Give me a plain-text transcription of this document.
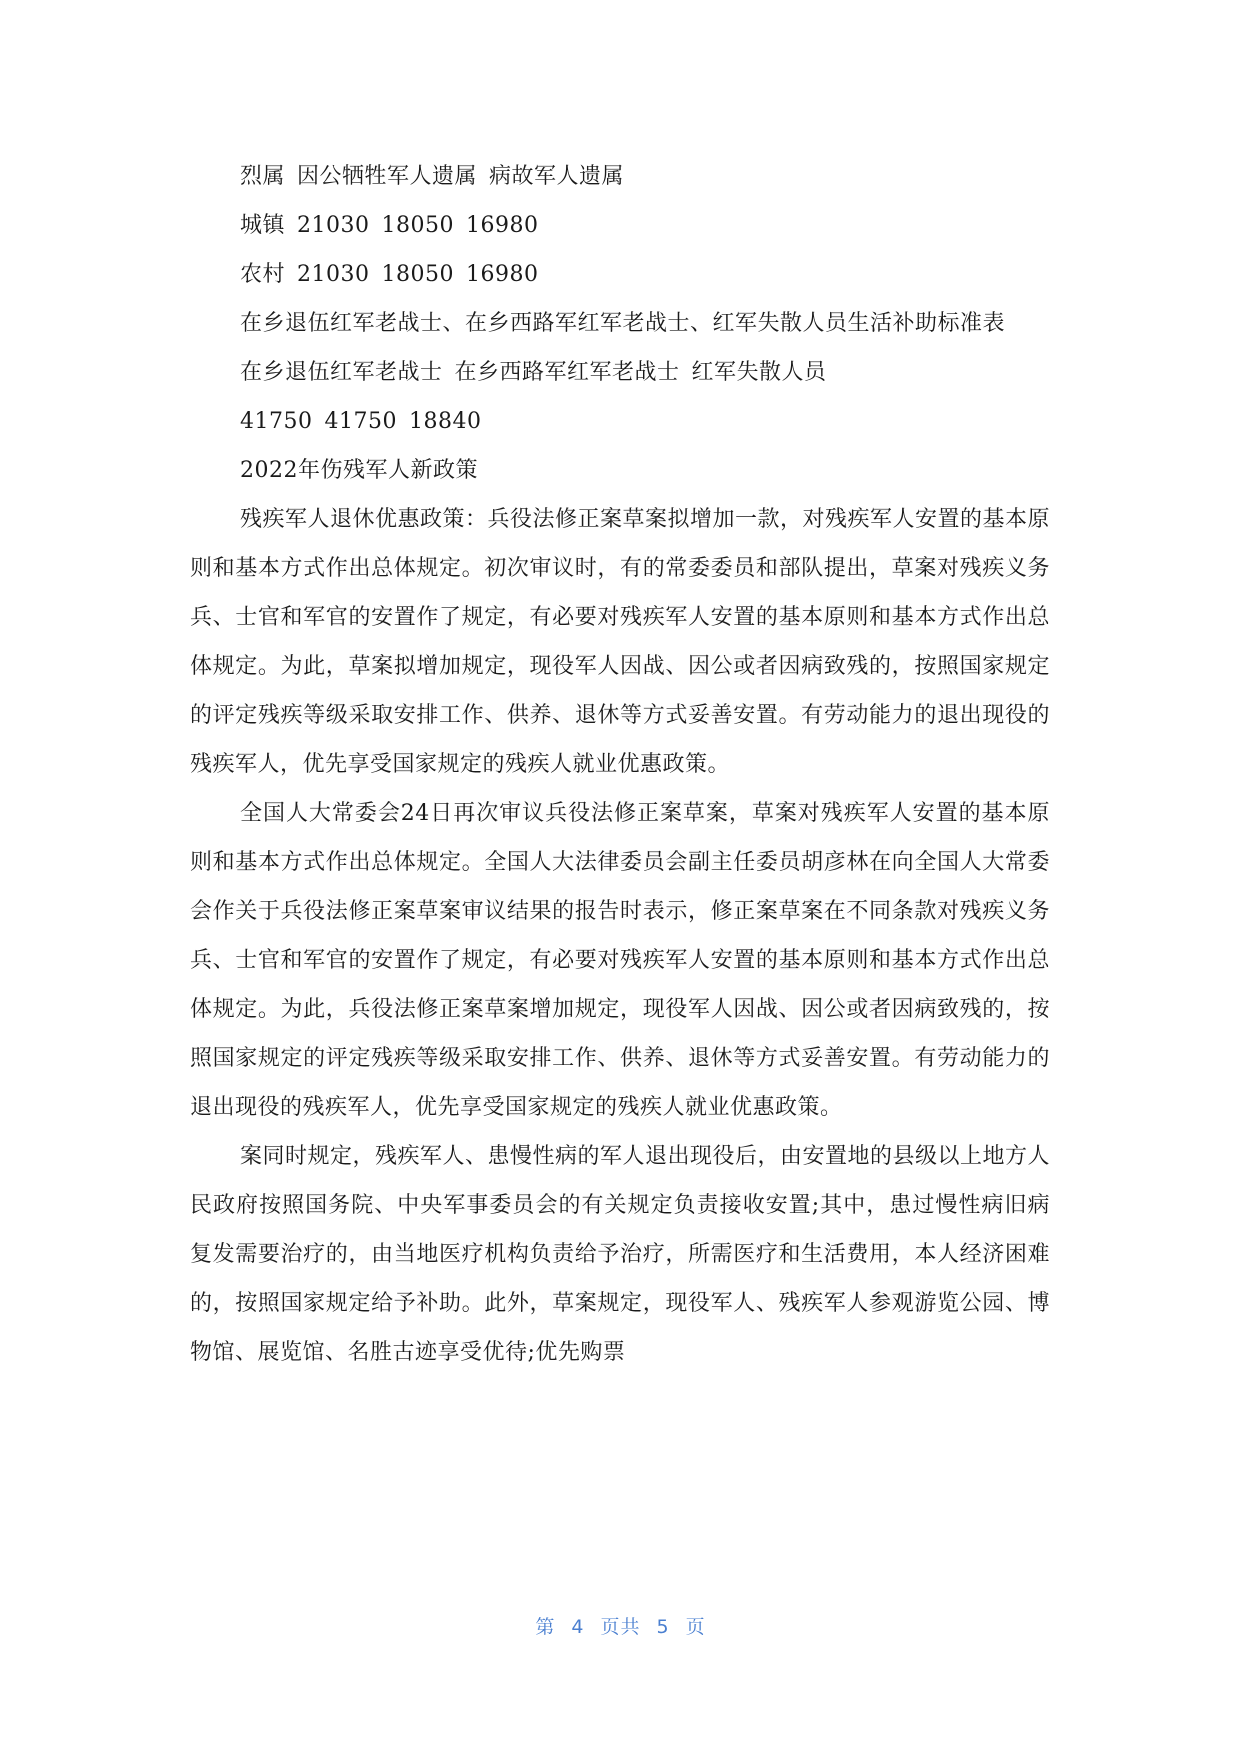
烈属 因公牺牲军人遗属 病故军人遗属
城镇 21030 18050 16980
农村 21030 18050 16980

在乡退伍红军老战士、在乡西路军红军老战士、红军失散人员生活补助标准表

在乡退伍红军老战士 在乡西路军红军老战士 红军失散人员
41750 41750 18840
2022年伤残军人新政策

残疾军人退休优惠政策：兵役法修正案草案拟增加一款，对残疾军人安置的基本原则和基本方式作出总体规定。初次审议时，有的常委委员和部队提出，草案对残疾义务兵、士官和军官的安置作了规定，有必要对残疾军人安置的基本原则和基本方式作出总体规定。为此，草案拟增加规定，现役军人因战、因公或者因病致残的，按照国家规定的评定残疾等级采取安排工作、供养、退休等方式妥善安置。有劳动能力的退出现役的残疾军人，优先享受国家规定的残疾人就业优惠政策。

全国人大常委会24日再次审议兵役法修正案草案，草案对残疾军人安置的基本原则和基本方式作出总体规定。全国人大法律委员会副主任委员胡彦林在向全国人大常委会作关于兵役法修正案草案审议结果的报告时表示，修正案草案在不同条款对残疾义务兵、士官和军官的安置作了规定，有必要对残疾军人安置的基本原则和基本方式作出总体规定。为此，兵役法修正案草案增加规定，现役军人因战、因公或者因病致残的，按照国家规定的评定残疾等级采取安排工作、供养、退休等方式妥善安置。有劳动能力的退出现役的残疾军人，优先享受国家规定的残疾人就业优惠政策。

案同时规定，残疾军人、患慢性病的军人退出现役后，由安置地的县级以上地方人民政府按照国务院、中央军事委员会的有关规定负责接收安置;其中，患过慢性病旧病复发需要治疗的，由当地医疗机构负责给予治疗，所需医疗和生活费用，本人经济困难的，按照国家规定给予补助。此外，草案规定，现役军人、残疾军人参观游览公园、博物馆、展览馆、名胜古迹享受优待;优先购票

第 4 页共 5 页
